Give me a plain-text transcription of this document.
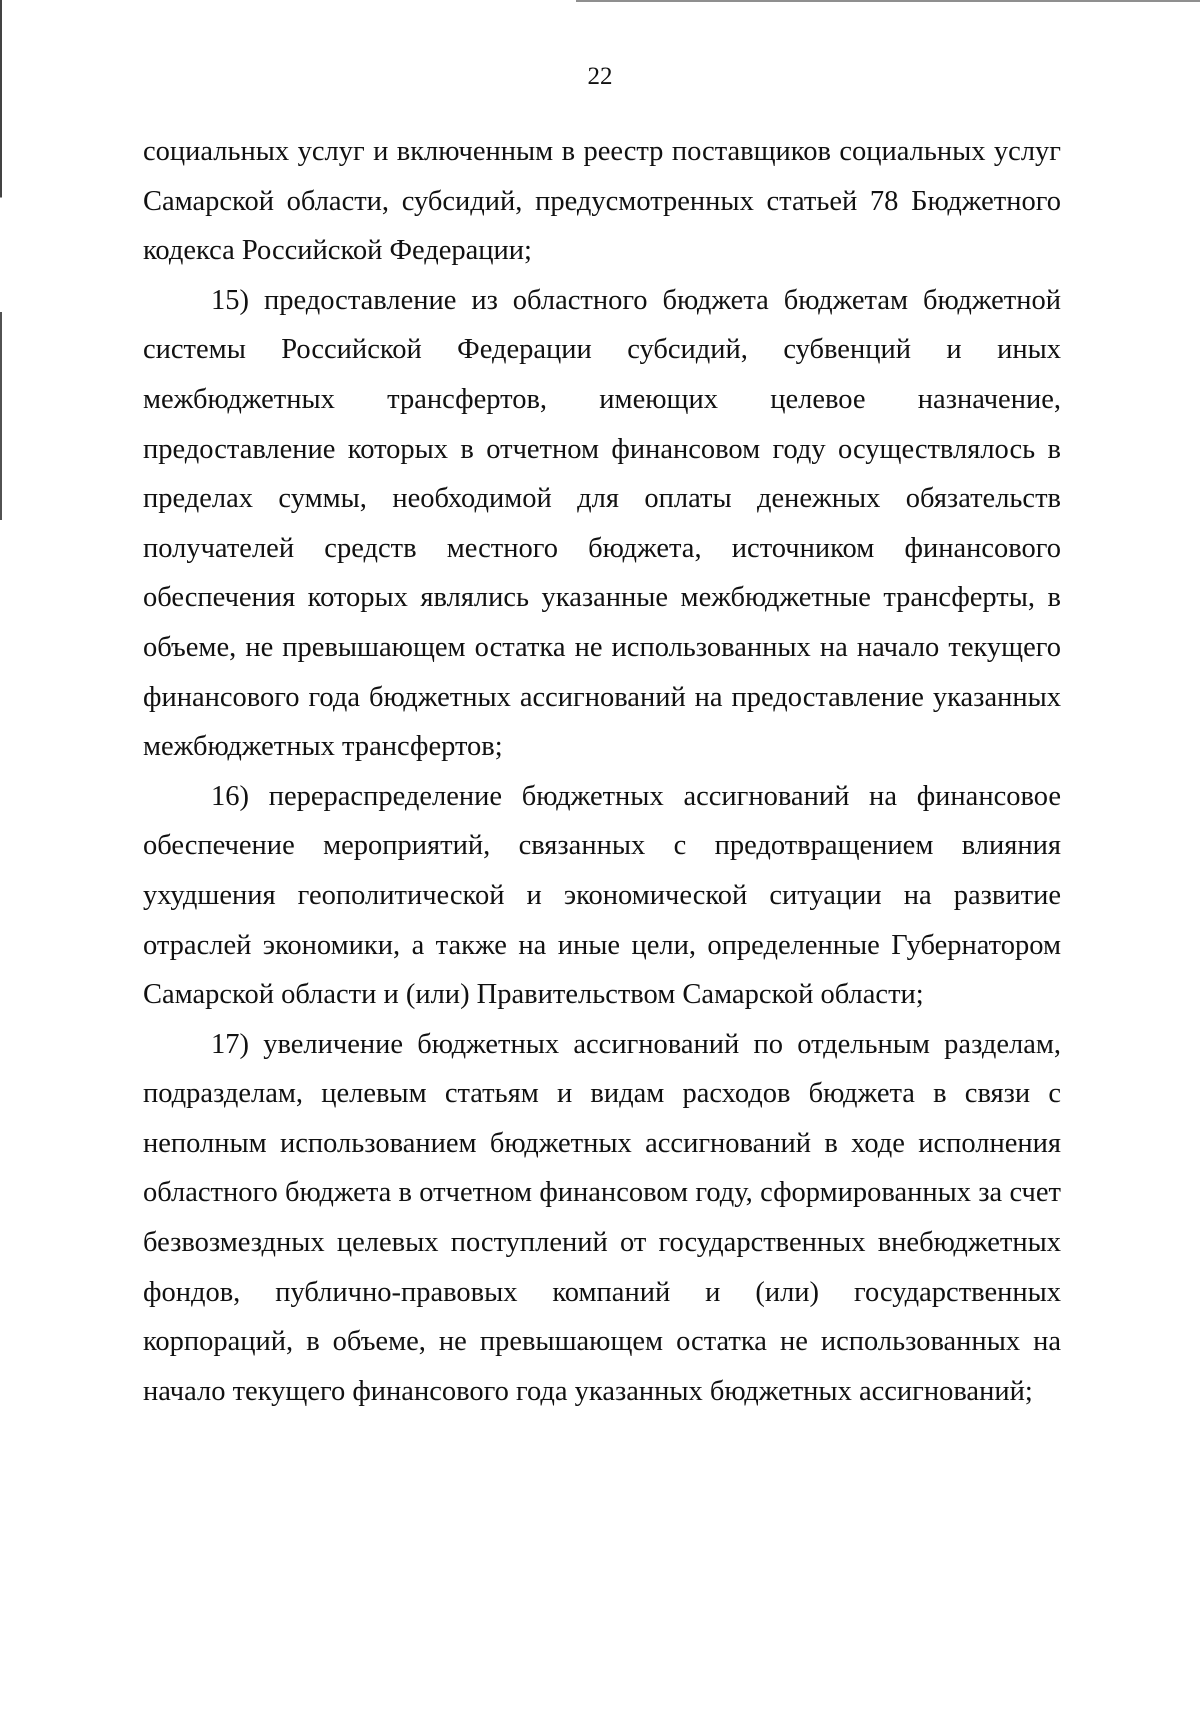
22

социальных услуг и включенным в реестр поставщиков социальных услуг Самарской области, субсидий, предусмотренных статьей 78 Бюджетного кодекса Российской Федерации;

15) предоставление из областного бюджета бюджетам бюджетной системы Российской Федерации субсидий, субвенций и иных межбюджетных трансфертов, имеющих целевое назначение, предоставление которых в отчетном финансовом году осуществлялось в пределах суммы, необходимой для оплаты денежных обязательств получателей средств местного бюджета, источником финансового обеспечения которых являлись указанные межбюджетные трансферты, в объеме, не превышающем остатка не использованных на начало текущего финансового года бюджетных ассигнований на предоставление указанных межбюджетных трансфертов;

16) перераспределение бюджетных ассигнований на финансовое обеспечение мероприятий, связанных с предотвращением влияния ухудшения геополитической и экономической ситуации на развитие отраслей экономики, а также на иные цели, определенные Губернатором Самарской области и (или) Правительством Самарской области;

17) увеличение бюджетных ассигнований по отдельным разделам, подразделам, целевым статьям и видам расходов бюджета в связи с неполным использованием бюджетных ассигнований в ходе исполнения областного бюджета в отчетном финансовом году, сформированных за счет безвозмездных целевых поступлений от государственных внебюджетных фондов, публично-правовых компаний и (или) государственных корпораций, в объеме, не превышающем остатка не использованных на начало текущего финансового года указанных бюджетных ассигнований;
